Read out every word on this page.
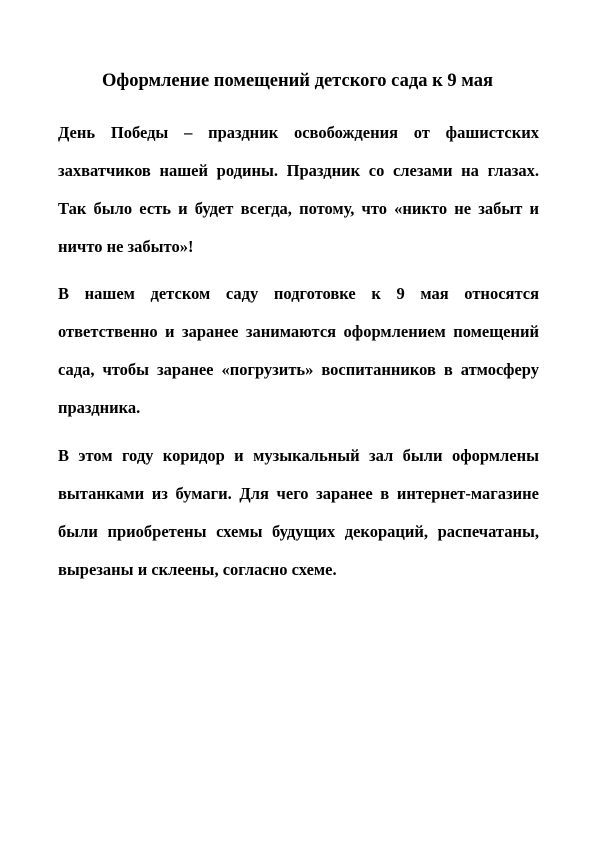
Оформление помещений детского сада к 9 мая

День Победы – праздник освобождения от фашистских захватчиков нашей родины. Праздник со слезами на глазах. Так было есть и будет всегда, потому, что «никто не забыт и ничто не забыто»!

В нашем детском саду подготовке к 9 мая относятся ответственно и заранее занимаются оформлением помещений сада, чтобы заранее «погрузить» воспитанников в атмосферу праздника.

В этом году коридор и музыкальный зал были оформлены вытанками из бумаги. Для чего заранее в интернет-магазине были приобретены схемы будущих декораций, распечатаны, вырезаны и склеены, согласно схеме.
